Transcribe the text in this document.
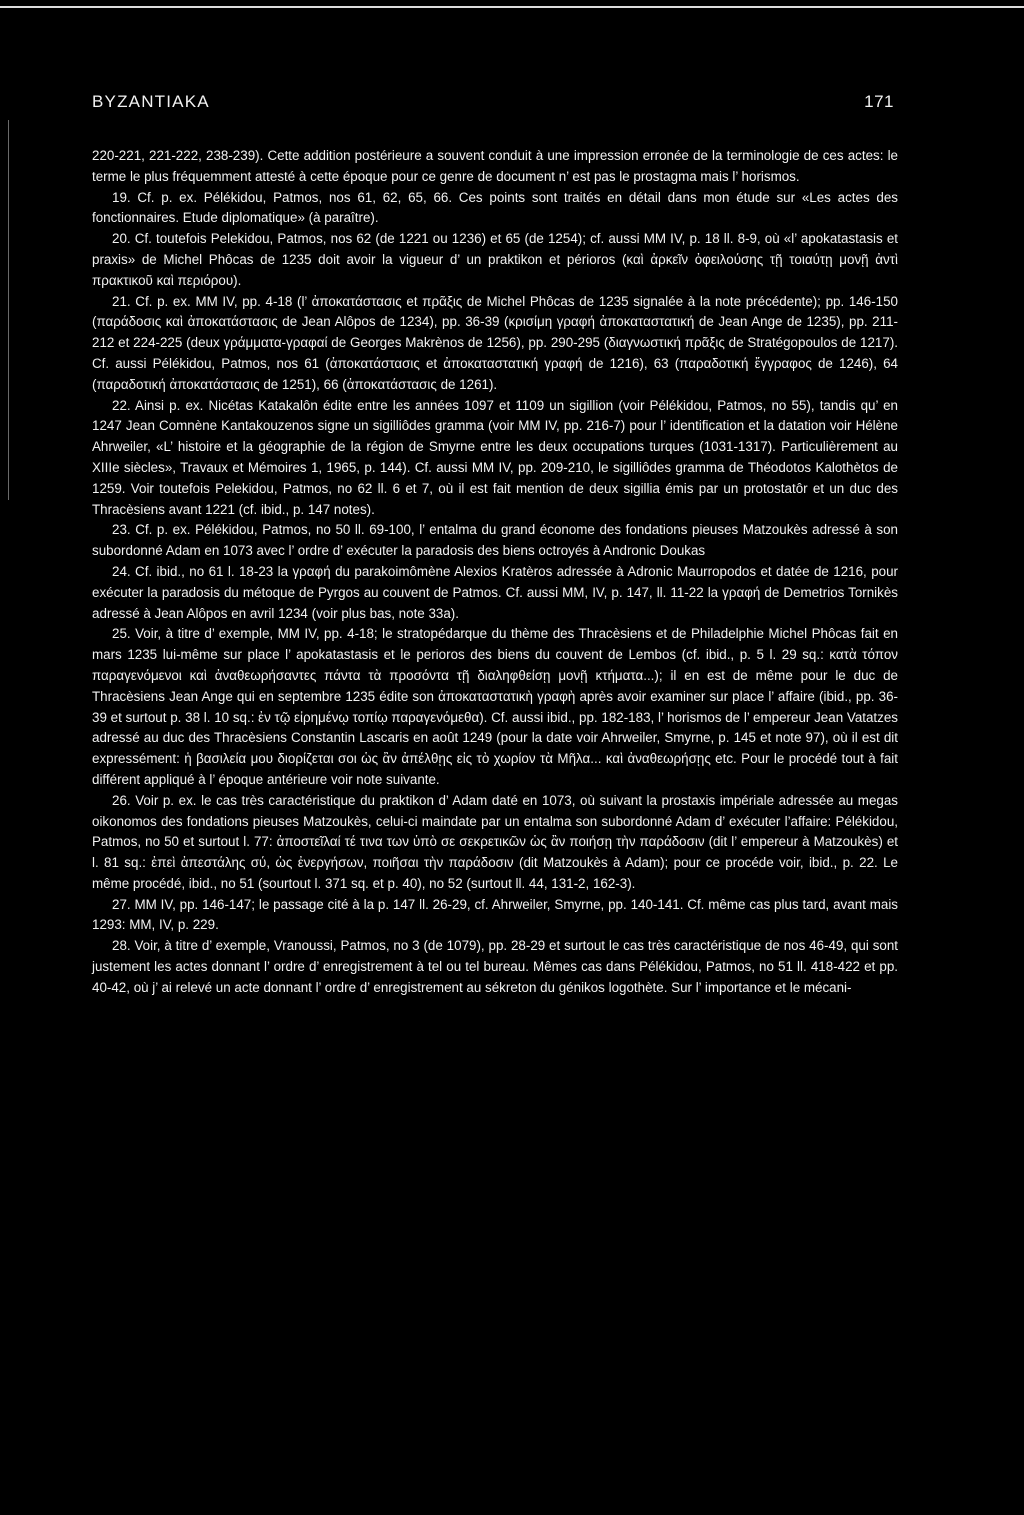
BYZANTIAKA	171

220-221, 221-222, 238-239). Cette addition postérieure a souvent conduit à une impression erronée de la terminologie de ces actes: le terme le plus fréquemment attesté à cette époque pour ce genre de document n’ est pas le prostagma mais l’ horismos.

19. Cf. p. ex. Pélékidou, Patmos, nos 61, 62, 65, 66. Ces points sont traités en détail dans mon étude sur «Les actes des fonctionnaires. Etude diplomatique» (à paraître).

20. Cf. toutefois Pelekidou, Patmos, nos 62 (de 1221 ou 1236) et 65 (de 1254); cf. aussi MM IV, p. 18 ll. 8-9, où «l’ apokatastasis et praxis» de Michel Phôcas de 1235 doit avoir la vigueur d’ un praktikon et périoros (καὶ ἀρκεῖν ὀφειλούσης τῇ τοιαύτῃ μονῇ ἀντὶ πρακτικοῦ καὶ περιόρου).

21. Cf. p. ex. MM IV, pp. 4-18 (l’ ἀποκατάστασις et πρᾶξις de Michel Phôcas de 1235 signalée à la note précédente); pp. 146-150 (παράδοσις καὶ ἀποκατάστασις de Jean Alôpos de 1234), pp. 36-39 (κρισίμη γραφή ἀποκαταστατική de Jean Ange de 1235), pp. 211-212 et 224-225 (deux γράμματα-γραφαί de Georges Makrènos de 1256), pp. 290-295 (διαγνωστική πρᾶξις de Stratégopoulos de 1217). Cf. aussi Pélékidou, Patmos, nos 61 (ἀποκατάστασις et ἀποκαταστατική γραφή de 1216), 63 (παραδοτική ἔγγραφος de 1246), 64 (παραδοτική ἀποκατάστασις de 1251), 66 (ἀποκατάστασις de 1261).

22. Ainsi p. ex. Nicétas Katakalôn édite entre les années 1097 et 1109 un sigillion (voir Pélékidou, Patmos, no 55), tandis qu’ en 1247 Jean Comnène Kantakouzenos signe un sigilliôdes gramma (voir MM IV, pp. 216-7) pour l’ identification et la datation voir Hélène Ahrweiler, «L’ histoire et la géographie de la région de Smyrne entre les deux occupations turques (1031-1317). Particulièrement au XIIIe siècles», Travaux et Mémoires 1, 1965, p. 144). Cf. aussi MM IV, pp. 209-210, le sigilliôdes gramma de Théodotos Kalothètos de 1259. Voir toutefois Pelekidou, Patmos, no 62 ll. 6 et 7, où il est fait mention de deux sigillia émis par un protostatôr et un duc des Thracèsiens avant 1221 (cf. ibid., p. 147 notes).

23. Cf. p. ex. Pélékidou, Patmos, no 50 ll. 69-100, l’ entalma du grand économe des fondations pieuses Matzoukès adressé à son subordonné Adam en 1073 avec l’ ordre d’ exécuter la paradosis des biens octroyés à Andronic Doukas

24. Cf. ibid., no 61 l. 18-23 la γραφή du parakoimômène Alexios Kratèros adressée à Adronic Maurropodos et datée de 1216, pour exécuter la paradosis du métoque de Pyrgos au couvent de Patmos. Cf. aussi MM, IV, p. 147, ll. 11-22 la γραφή de Demetrios Tornikès adressé à Jean Alôpos en avril 1234 (voir plus bas, note 33a).

25. Voir, à titre d’ exemple, MM IV, pp. 4-18; le stratopédarque du thème des Thracèsiens et de Philadelphie Michel Phôcas fait en mars 1235 lui-même sur place l’ apokatastasis et le perioros des biens du couvent de Lembos (cf. ibid., p. 5 l. 29 sq.: κατὰ τόπον παραγενόμενοι καὶ ἀναθεωρήσαντες πάντα τὰ προσόντα τῇ διαληφθείσῃ μονῇ κτήματα...); il en est de même pour le duc de Thracèsiens Jean Ange qui en septembre 1235 édite son ἀποκαταστατικὴ γραφὴ après avoir examiner sur place l’ affaire (ibid., pp. 36-39 et surtout p. 38 l. 10 sq.: ἐν τῷ εἰρημένῳ τοπίῳ παραγενόμεθα). Cf. aussi ibid., pp. 182-183, l’ horismos de l’ empereur Jean Vatatzes adressé au duc des Thracèsiens Constantin Lascaris en août 1249 (pour la date voir Ahrweiler, Smyrne, p. 145 et note 97), où il est dit expressément: ἡ βασιλεία μου διορίζεται σοι ὡς ἂν ἀπέλθῃς εἰς τὸ χωρίον τὰ Μῆλα... καὶ ἀναθεωρήσῃς etc. Pour le procédé tout à fait différent appliqué à l’ époque antérieure voir note suivante.

26. Voir p. ex. le cas très caractéristique du praktikon d’ Adam daté en 1073, où suivant la prostaxis impériale adressée au megas oikonomos des fondations pieuses Matzoukès, celui-ci maindate par un entalma son subordonné Adam d’ exécuter l’affaire: Pélékidou, Patmos, no 50 et surtout l. 77: ἀποστεῖλαί τέ τινα των ὑπὸ σε σεκρετικῶν ὡς ἂν ποιήσῃ τὴν παράδοσιν (dit l’ empereur à Matzoukès) et l. 81 sq.: ἐπεὶ ἀπεστάλης σύ, ὡς ἐνεργήσων, ποιῆσαι τὴν παράδοσιν (dit Matzoukès à Adam); pour ce procéde voir, ibid., p. 22. Le même procédé, ibid., no 51 (sourtout l. 371 sq. et p. 40), no 52 (surtout ll. 44, 131-2, 162-3).

27. MM IV, pp. 146-147; le passage cité à la p. 147 ll. 26-29, cf. Ahrweiler, Smyrne, pp. 140-141. Cf. même cas plus tard, avant mais 1293: MM, IV, p. 229.

28. Voir, à titre d’ exemple, Vranoussi, Patmos, no 3 (de 1079), pp. 28-29 et surtout le cas très caractéristique de nos 46-49, qui sont justement les actes donnant l’ ordre d’ enregistrement à tel ou tel bureau. Mêmes cas dans Pélékidou, Patmos, no 51 ll. 418-422 et pp. 40-42, où j’ ai relevé un acte donnant l’ ordre d’ enregistrement au sékreton du génikos logothète. Sur l’ importance et le mécani-
